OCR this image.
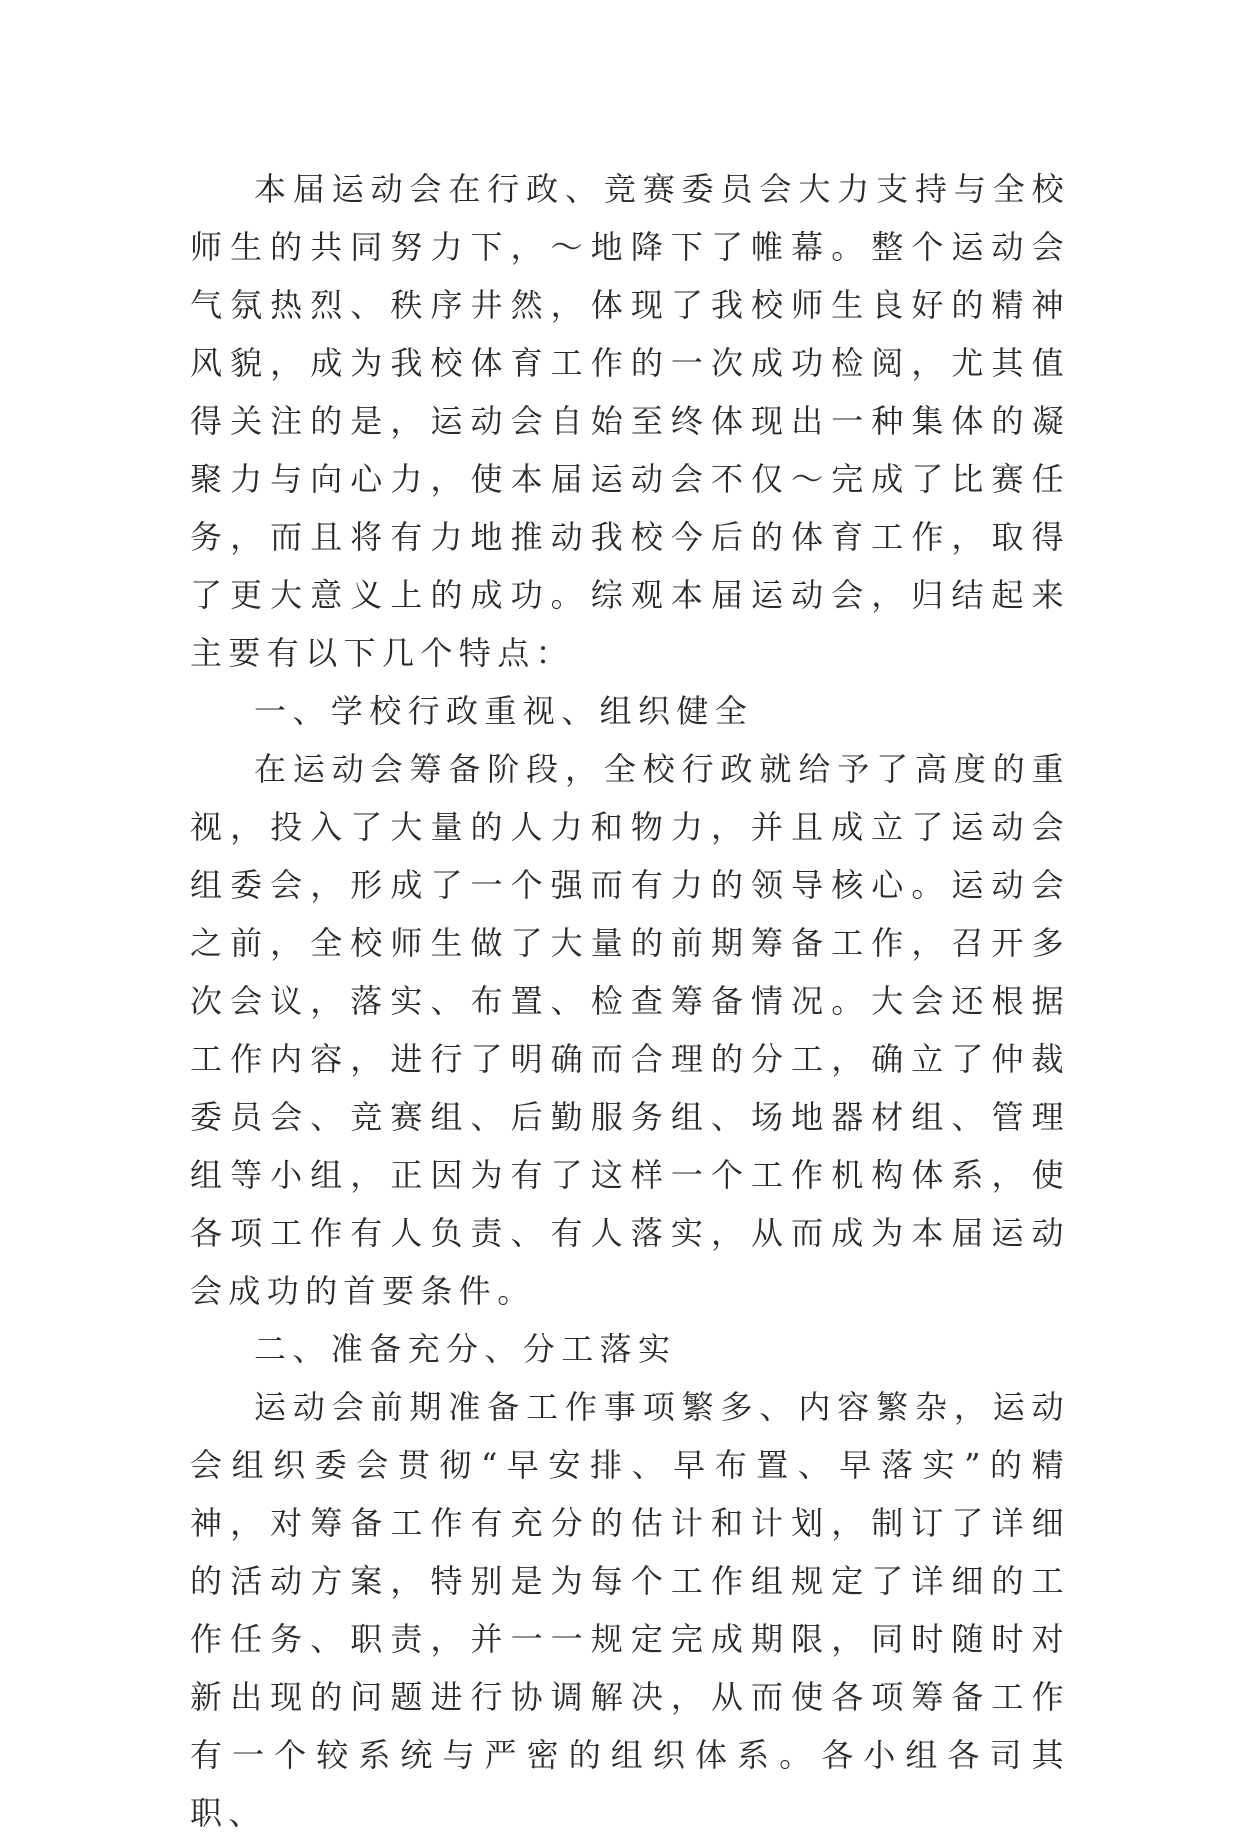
本届运动会在行政、竞赛委员会大力支持与全校师生的共同努力下，～地降下了帷幕。整个运动会气氛热烈、秩序井然，体现了我校师生良好的精神风貌，成为我校体育工作的一次成功检阅，尤其值得关注的是，运动会自始至终体现出一种集体的凝聚力与向心力，使本届运动会不仅～完成了比赛任务，而且将有力地推动我校今后的体育工作，取得了更大意义上的成功。综观本届运动会，归结起来主要有以下几个特点：

一、学校行政重视、组织健全

在运动会筹备阶段，全校行政就给予了高度的重视，投入了大量的人力和物力，并且成立了运动会组委会，形成了一个强而有力的领导核心。运动会之前，全校师生做了大量的前期筹备工作，召开多次会议，落实、布置、检查筹备情况。大会还根据工作内容，进行了明确而合理的分工，确立了仲裁委员会、竞赛组、后勤服务组、场地器材组、管理组等小组，正因为有了这样一个工作机构体系，使各项工作有人负责、有人落实，从而成为本届运动会成功的首要条件。

二、准备充分、分工落实

运动会前期准备工作事项繁多、内容繁杂，运动会组织委会贯彻“早安排、早布置、早落实”的精神，对筹备工作有充分的估计和计划，制订了详细的活动方案，特别是为每个工作组规定了详细的工作任务、职责，并一一规定完成期限，同时随时对新出现的问题进行协调解决，从而使各项筹备工作有一个较系统与严密的组织体系。各小组各司其职、
